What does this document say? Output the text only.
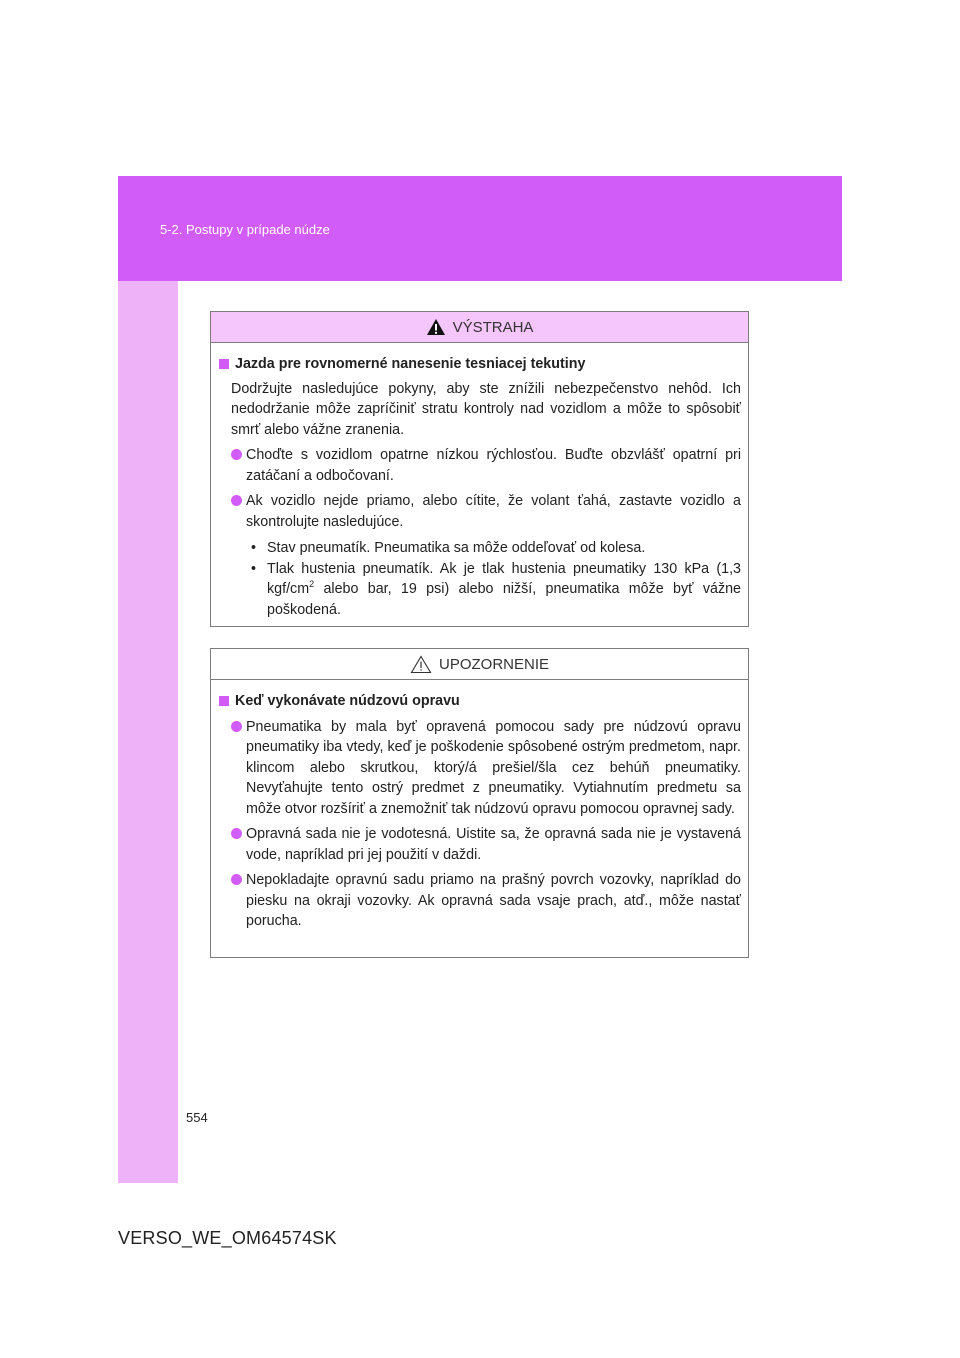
5-2. Postupy v prípade núdze
VÝSTRAHA
Jazda pre rovnomerné nanesenie tesniacej tekutiny
Dodržujte nasledujúce pokyny, aby ste znížili nebezpečenstvo nehôd. Ich nedodržanie môže zapríčiniť stratu kontroly nad vozidlom a môže to spôsobiť smrť alebo vážne zranenia.
Choďte s vozidlom opatrne nízkou rýchlosťou. Buďte obzvlášť opatrní pri zatáčaní a odbočovaní.
Ak vozidlo nejde priamo, alebo cítite, že volant ťahá, zastavte vozidlo a skontrolujte nasledujúce.
• Stav pneumatík. Pneumatika sa môže oddeľovať od kolesa.
• Tlak hustenia pneumatík. Ak je tlak hustenia pneumatiky 130 kPa (1,3 kgf/$cm^2$ alebo bar, 19 psi) alebo nižší, pneumatika môže byť vážne poškodená.
UPOZORNENIE
Keď vykonávate núdzovú opravu
Pneumatika by mala byť opravená pomocou sady pre núdzovú opravu pneumatiky iba vtedy, keď je poškodenie spôsobené ostrým predmetom, napr. klincom alebo skrutkou, ktorý/á prešiel/šla cez behúň pneumatiky. Nevyťahujte tento ostrý predmet z pneumatiky. Vytiahnutím predmetu sa môže otvor rozšíriť a znemožniť tak núdzovú opravu pomocou opravnej sady.
Opravná sada nie je vodotesná. Uistite sa, že opravná sada nie je vystavená vode, napríklad pri jej použití v daždi.
Nepokladajte opravnú sadu priamo na prašný povrch vozovky, napríklad do piesku na okraji vozovky. Ak opravná sada vsaje prach, atď., môže nastať porucha.
554
VERSO_WE_OM64574SK
